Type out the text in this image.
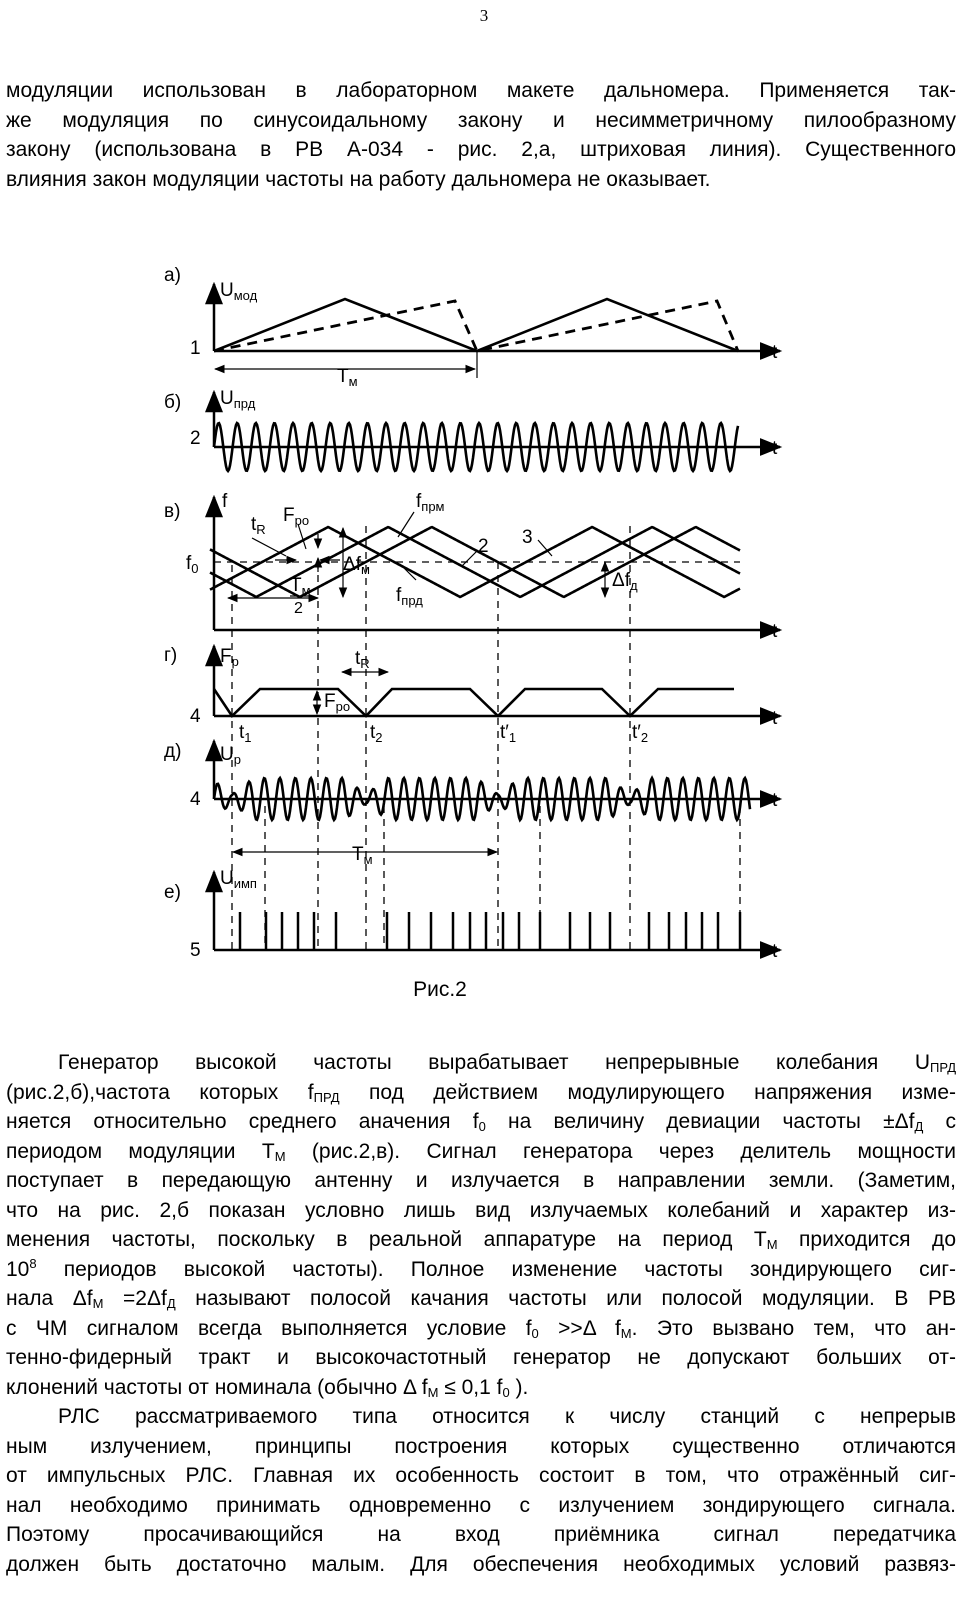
3
модуляции использован в лабораторном макете дальномера. Применяется так-
же модуляция по синусоидальному закону и несимметричному пилообразному
закону (использована в РВ А-034 - рис. 2,а, штриховая линия). Существенного
влияния закон модуляции частоты на работу дальномера не оказывает.
а)
$U_{мод}$
1
$Т_м$
t
б) $U_{прд}$
2	t
в) f
$f_0$
$t_R$
$F_{ро}$
$f_{прм}$
$f_{прд}$
$\Delta f_м$
$\Delta f_д$
$Т_м$
2
2 3
t
г) $F_р$
4
$F_{ро}$
$t_R$
$t_1$	$t_2$	$t'_1$	$t'_2$
t
д) $U_р$
4
$Т_м$
t
е)
$U_{имп}$
5	t
Рис.2
Генератор высокой частоты вырабатывает непрерывные колебания $U_{ПРД}$
(рис.2,б),частота которых $f_{ПРД}$ под действием модулирующего напряжения изме-
няется относительно среднего аначения $f_0$ на величину девиации частоты $\pm\Delta f_Д$ с
периодом модуляции $Т_М$ (рис.2,в). Сигнал генератора через делитель мощности
поступает в передающую антенну и излучается в направлении земли. (Заметим,
что на рис. 2,б показан условно лишь вид излучаемых колебаний и характер из-
менения частоты, поскольку в реальной аппаратуре на период $Т_М$ приходится до
$10^8$ периодов высокой частоты). Полное изменение частоты зондирующего сиг-
нала $\Delta f_М =2\Delta f_Д$ называют полосой качания частоты или полосой модуляции. В РВ
с ЧМ сигналом всегда выполняется условие $f_0 >>\Delta$ $f_М$. Это вызвано тем, что ан-
тенно-фидерный тракт и высокочастотный генератор не допускают больших от-
клонений частоты от номинала (обычно Δ $f_М \le 0,1$ $f_0$ ).
РЛС рассматриваемого типа относится к числу станций с непрерыв
ным излучением, принципы построения которых существенно отличаются
от импульсных РЛС. Главная их особенность состоит в том, что отражённый сиг-
нал необходимо принимать одновременно с излучением зондирующего сигнала.
Поэтому просачивающийся на вход приёмника сигнал передатчика
должен быть достаточно малым. Для обеспечения необходимых условий развяз-
